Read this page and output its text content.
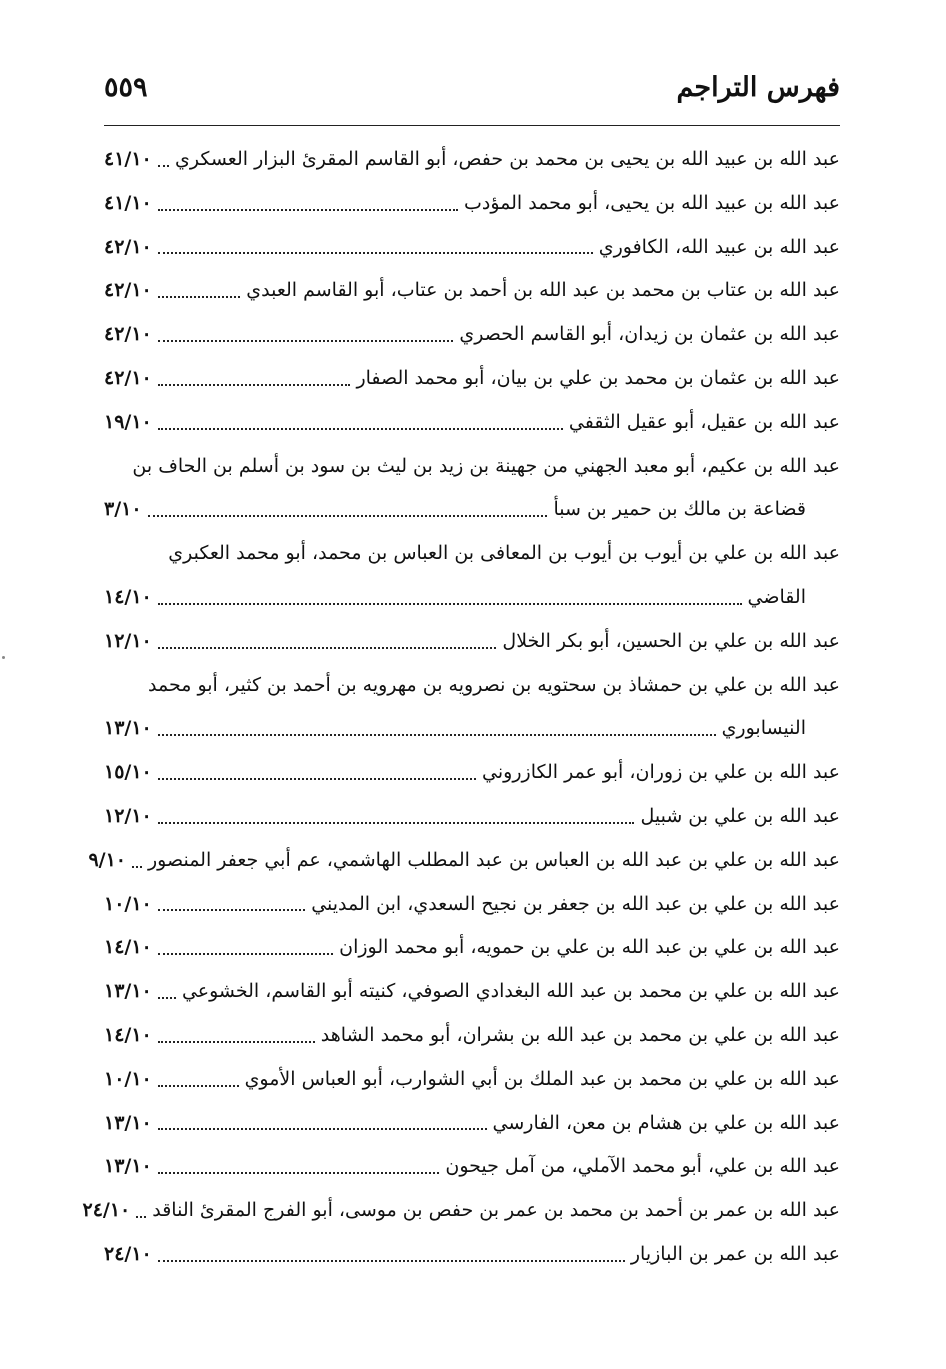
فهرس التراجم
٥٥٩
عبد الله بن عبيد الله بن يحيى بن محمد بن حفص، أبو القاسم المقرئ البزار العسكري
٤١/١٠
عبد الله بن عبيد الله بن يحيى، أبو محمد المؤدب
٤١/١٠
عبد الله بن عبيد الله، الكافوري
٤٢/١٠
عبد الله بن عتاب بن محمد بن عبد الله بن أحمد بن عتاب، أبو القاسم العبدي
٤٢/١٠
عبد الله بن عثمان بن زيدان، أبو القاسم الحصري
٤٢/١٠
عبد الله بن عثمان بن محمد بن علي بن بيان، أبو محمد الصفار
٤٢/١٠
عبد الله بن عقيل، أبو عقيل الثقفي
١٩/١٠
عبد الله بن عكيم، أبو معبد الجهني من جهينة بن زيد بن ليث بن سود بن أسلم بن الحاف بن
قضاعة بن مالك بن حمير بن سبأ
٣/١٠
عبد الله بن علي بن أيوب بن أيوب بن المعافى بن العباس بن محمد، أبو محمد العكبري
القاضي
١٤/١٠
عبد الله بن علي بن الحسين، أبو بكر الخلال
١٢/١٠
عبد الله بن علي بن حمشاذ بن سحتويه بن نصرويه بن مهرويه بن أحمد بن كثير، أبو محمد
النيسابوري
١٣/١٠
عبد الله بن علي بن زوران، أبو عمر الكازروني
١٥/١٠
عبد الله بن علي بن شبيل
١٢/١٠
عبد الله بن علي بن عبد الله بن العباس بن عبد المطلب الهاشمي، عم أبي جعفر المنصور
٩/١٠
عبد الله بن علي بن عبد الله بن جعفر بن نجيح السعدي، ابن المديني
١٠/١٠
عبد الله بن علي بن عبد الله بن علي بن حمويه، أبو محمد الوزان
١٤/١٠
عبد الله بن علي بن محمد بن عبد الله البغدادي الصوفي، كنيته أبو القاسم، الخشوعي
١٣/١٠
عبد الله بن علي بن محمد بن عبد الله بن بشران، أبو محمد الشاهد
١٤/١٠
عبد الله بن علي بن محمد بن عبد الملك بن أبي الشوارب، أبو العباس الأموي
١٠/١٠
عبد الله بن علي بن هشام بن معن، الفارسي
١٣/١٠
عبد الله بن علي، أبو محمد الآملي، من آمل جيحون
١٣/١٠
عبد الله بن عمر بن أحمد بن محمد بن عمر بن حفص بن موسى، أبو الفرج المقرئ الناقد
٢٤/١٠
عبد الله بن عمر بن البازيار
٢٤/١٠
